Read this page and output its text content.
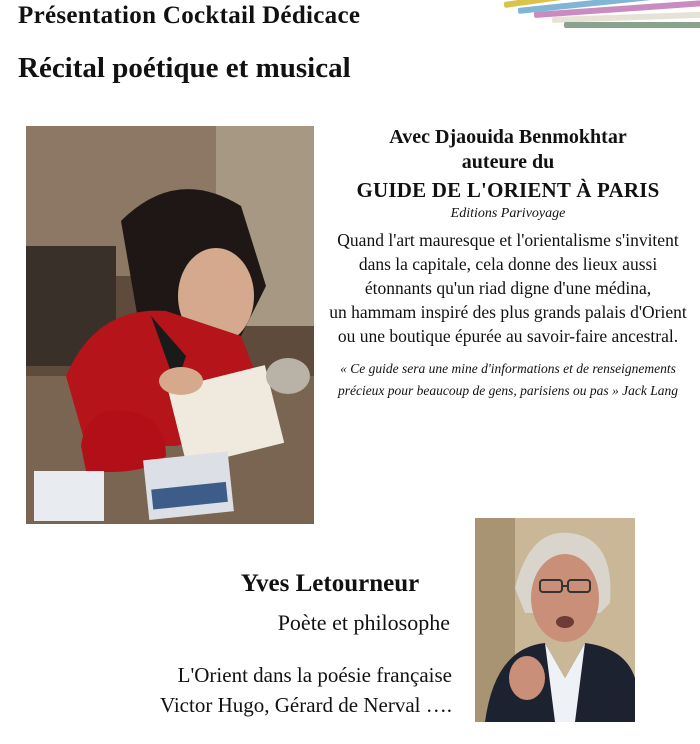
Présentation Cocktail Dédicace
Récital poétique et musical
Avec Djaouida Benmokhtar
auteure du
GUIDE DE L'ORIENT À PARIS
Editions Parivoyage
Quand l'art mauresque et l'orientalisme s'invitent
dans la capitale, cela donne des lieux aussi
étonnants qu'un riad digne d'une médina,
un hammam inspiré des plus grands palais d'Orient
ou une boutique épurée au savoir-faire ancestral.
« Ce guide sera une mine d'informations et de renseignements
précieux pour beaucoup de gens, parisiens ou pas » Jack Lang
Yves Letourneur
Poète et philosophe
L'Orient dans la poésie française
Victor Hugo, Gérard de Nerval ….
